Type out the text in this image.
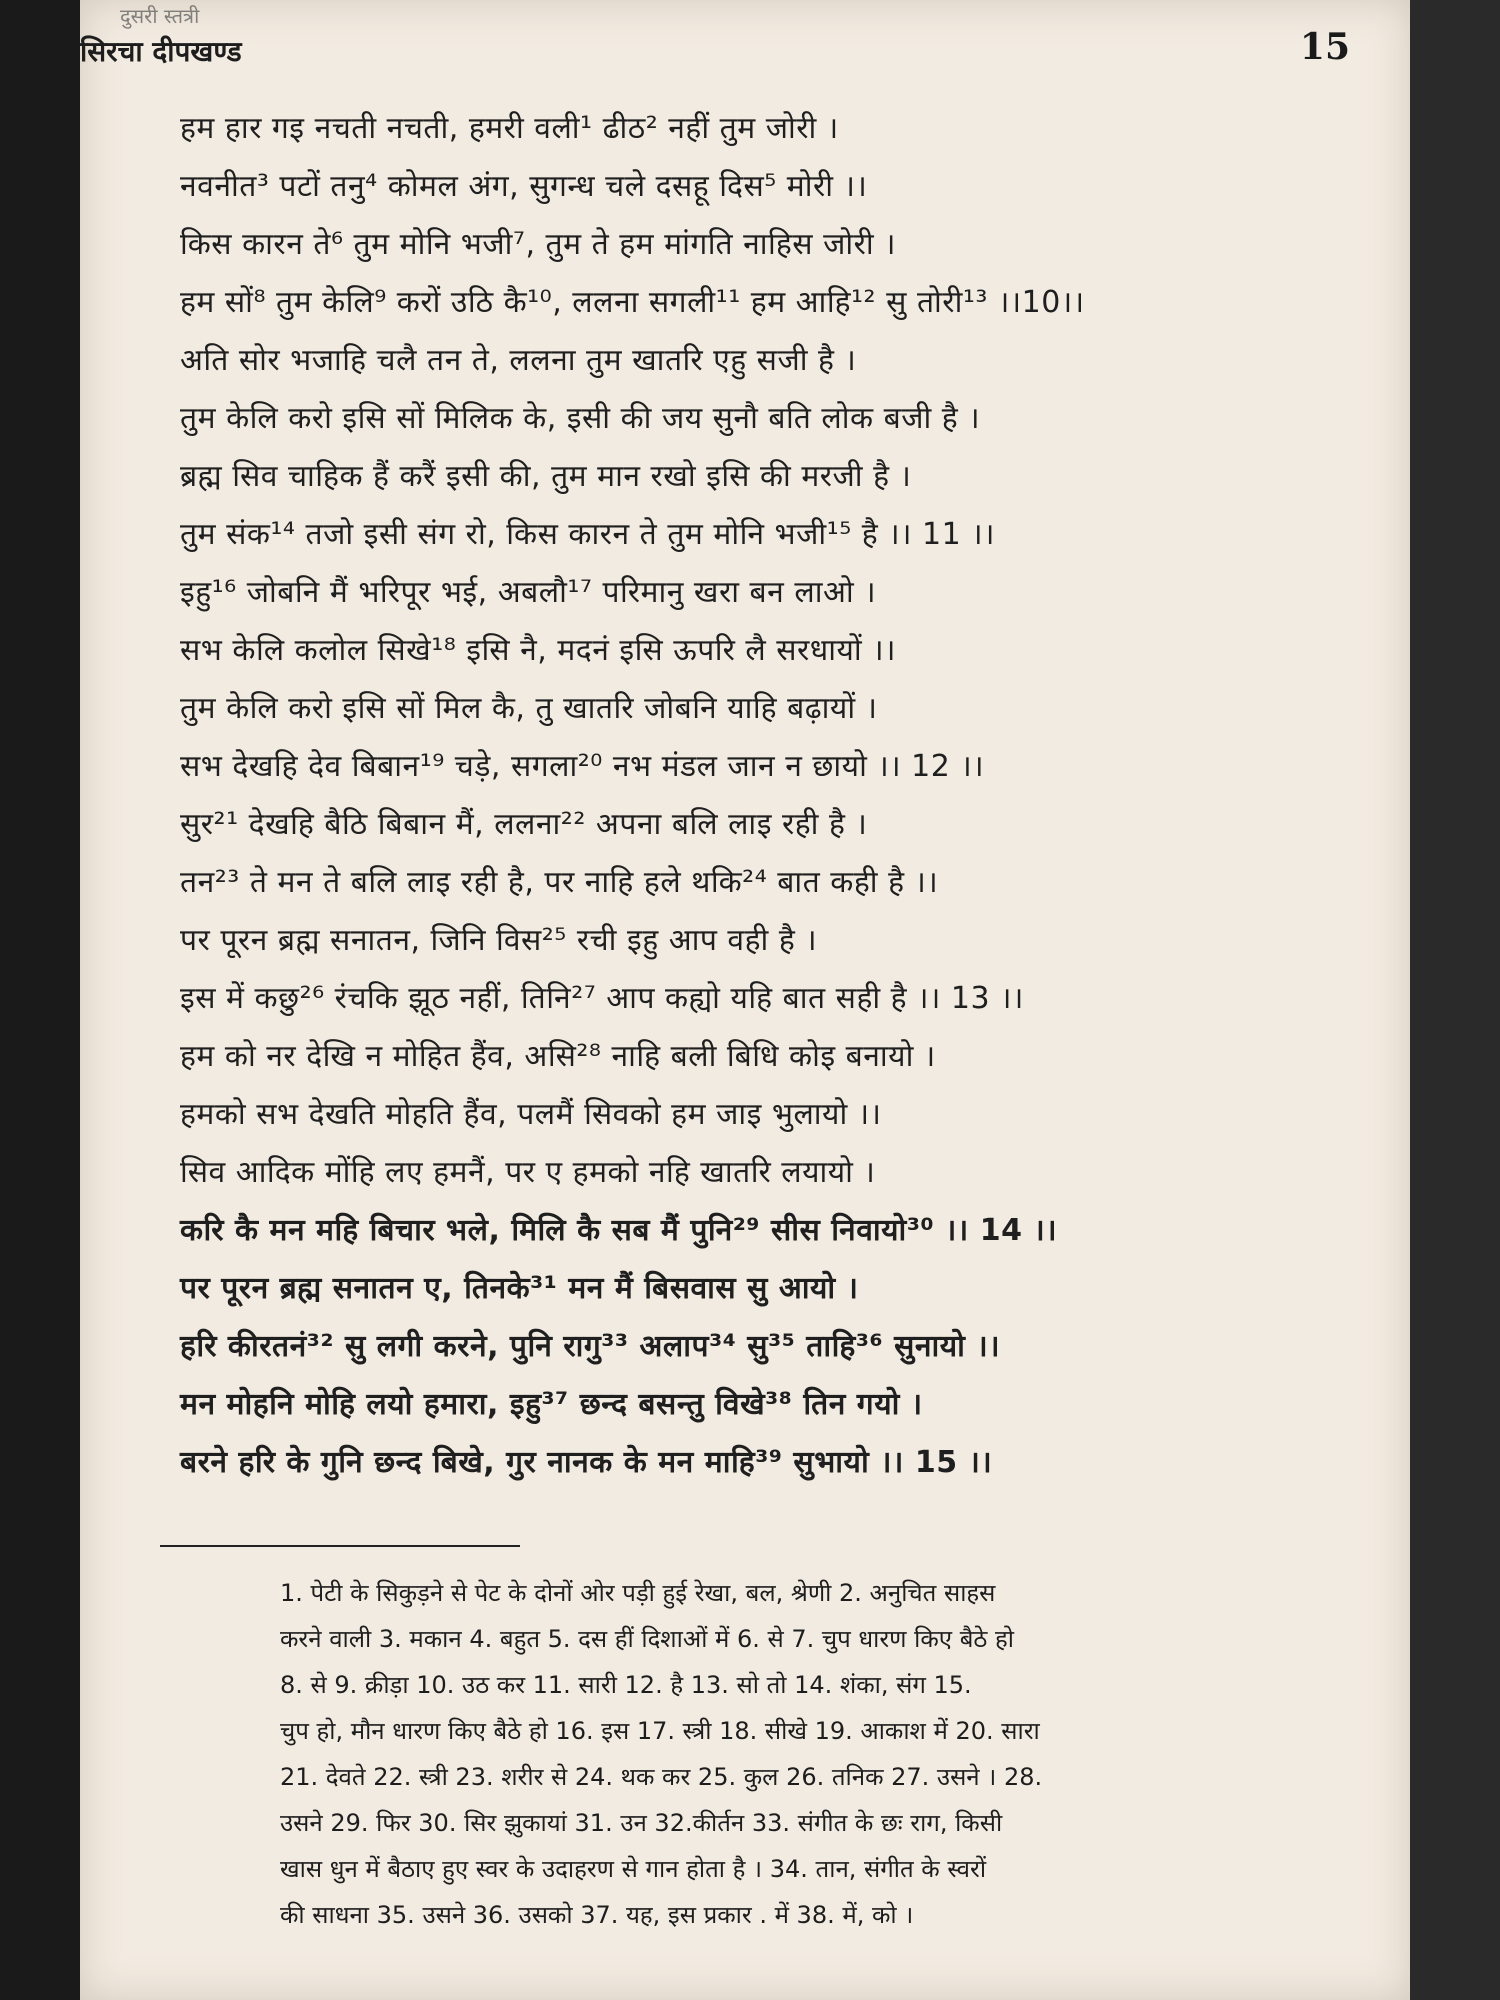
दुसरी स्तत्री
सिरचा दीपखण्ड	15
हम हार गइ नचती नचती, हमरी वली¹ ढीठ² नहीं तुम जोरी ।
नवनीत³ पटों तनु⁴ कोमल अंग, सुगन्ध चले दसहू दिस⁵ मोरी ।।
किस कारन ते⁶ तुम मोनि भजी⁷, तुम ते हम मांगति नाहिस जोरी ।
हम सों⁸ तुम केलि⁹ करों उठि कै¹⁰, ललना सगली¹¹ हम आहि¹² सु तोरी¹³ ।।10।।
अति सोर भजाहि चलै तन ते, ललना तुम खातरि एहु सजी है ।
तुम केलि करो इसि सों मिलिक के, इसी की जय सुनौ बति लोक बजी है ।
ब्रह्म सिव चाहिक हैं करैं इसी की, तुम मान रखो इसि की मरजी है ।
तुम संक¹⁴ तजो इसी संग रो, किस कारन ते तुम मोनि भजी¹⁵ है ।। 11 ।।
इहु¹⁶ जोबनि मैं भरिपूर भई, अबलौ¹⁷ परिमानु खरा बन लाओ ।
सभ केलि कलोल सिखे¹⁸ इसि नै, मदनं इसि ऊपरि लै सरधायों ।।
तुम केलि करो इसि सों मिल कै, तु खातरि जोबनि याहि बढ़ायों ।
सभ देखहि देव बिबान¹⁹ चड़े, सगला²⁰ नभ मंडल जान न छायो ।। 12 ।।
सुर²¹ देखहि बैठि बिबान मैं, ललना²² अपना बलि लाइ रही है ।
तन²³ ते मन ते बलि लाइ रही है, पर नाहि हले थकि²⁴ बात कही है ।।
पर पूरन ब्रह्म सनातन, जिनि विस²⁵ रची इहु आप वही है ।
इस में कछु²⁶ रंचकि झूठ नहीं, तिनि²⁷ आप कह्यो यहि बात सही है ।। 13 ।।
हम को नर देखि न मोहित हैंव, असि²⁸ नाहि बली बिधि कोइ बनायो ।
हमको सभ देखति मोहति हैंव, पलमैं सिवको हम जाइ भुलायो ।।
सिव आदिक मोंहि लए हमनैं, पर ए हमको नहि खातरि लयायो ।
करि कै मन महि बिचार भले, मिलि कै सब मैं पुनि²⁹ सीस निवायो³⁰ ।। 14 ।।
पर पूरन ब्रह्म सनातन ए, तिनके³¹ मन मैं बिसवास सु आयो ।
हरि कीरतनं³² सु लगी करने, पुनि रागु³³ अलाप³⁴ सु³⁵ ताहि³⁶ सुनायो ।।
मन मोहनि मोहि लयो हमारा, इहु³⁷ छन्द बसन्तु विखे³⁸ तिन गयो ।
बरने हरि के गुनि छन्द बिखे, गुर नानक के मन माहि³⁹ सुभायो ।। 15 ।।
1. पेटी के सिकुड़ने से पेट के दोनों ओर पड़ी हुई रेखा, बल, श्रेणी 2. अनुचित साहस
करने वाली 3. मकान 4. बहुत 5. दस हीं दिशाओं में 6. से 7. चुप धारण किए बैठे हो
8. से 9. क्रीड़ा 10. उठ कर 11. सारी 12. है 13. सो तो 14. शंका, संग 15.
चुप हो, मौन धारण किए बैठे हो 16. इस 17. स्त्री 18. सीखे 19. आकाश में 20. सारा
21. देवते 22. स्त्री 23. शरीर से 24. थक कर 25. कुल 26. तनिक 27. उसने । 28.
उसने 29. फिर 30. सिर झुकायां 31. उन 32.कीर्तन 33. संगीत के छः राग, किसी
खास धुन में बैठाए हुए स्वर के उदाहरण से गान होता है । 34. तान, संगीत के स्वरों
की साधना 35. उसने 36. उसको 37. यह, इस प्रकार . में 38. में, को ।
